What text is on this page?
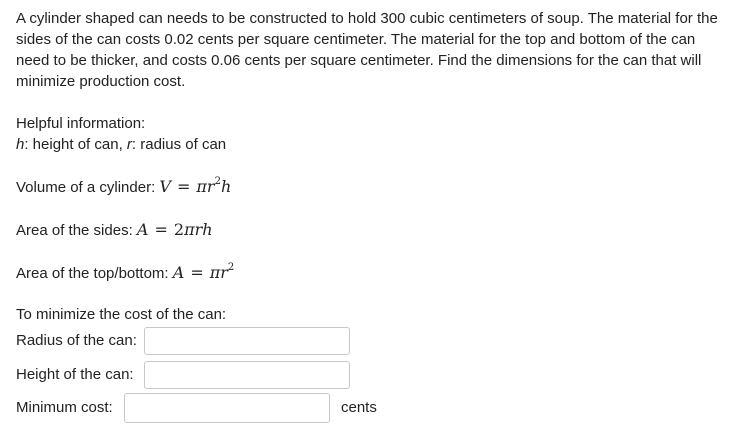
A cylinder shaped can needs to be constructed to hold 300 cubic centimeters of soup. The material for the sides of the can costs 0.02 cents per square centimeter. The material for the top and bottom of the can need to be thicker, and costs 0.06 cents per square centimeter. Find the dimensions for the can that will minimize production cost.

Helpful information:
h: height of can, r: radius of can
Volume of a cylinder: $V = \pi r^2h$
Area of the sides: A = 2πrh
Area of the top/bottom: $A = \pi r^2$
To minimize the cost of the can:
Radius of the can:
Height of the can:
Minimum cost:	cents
